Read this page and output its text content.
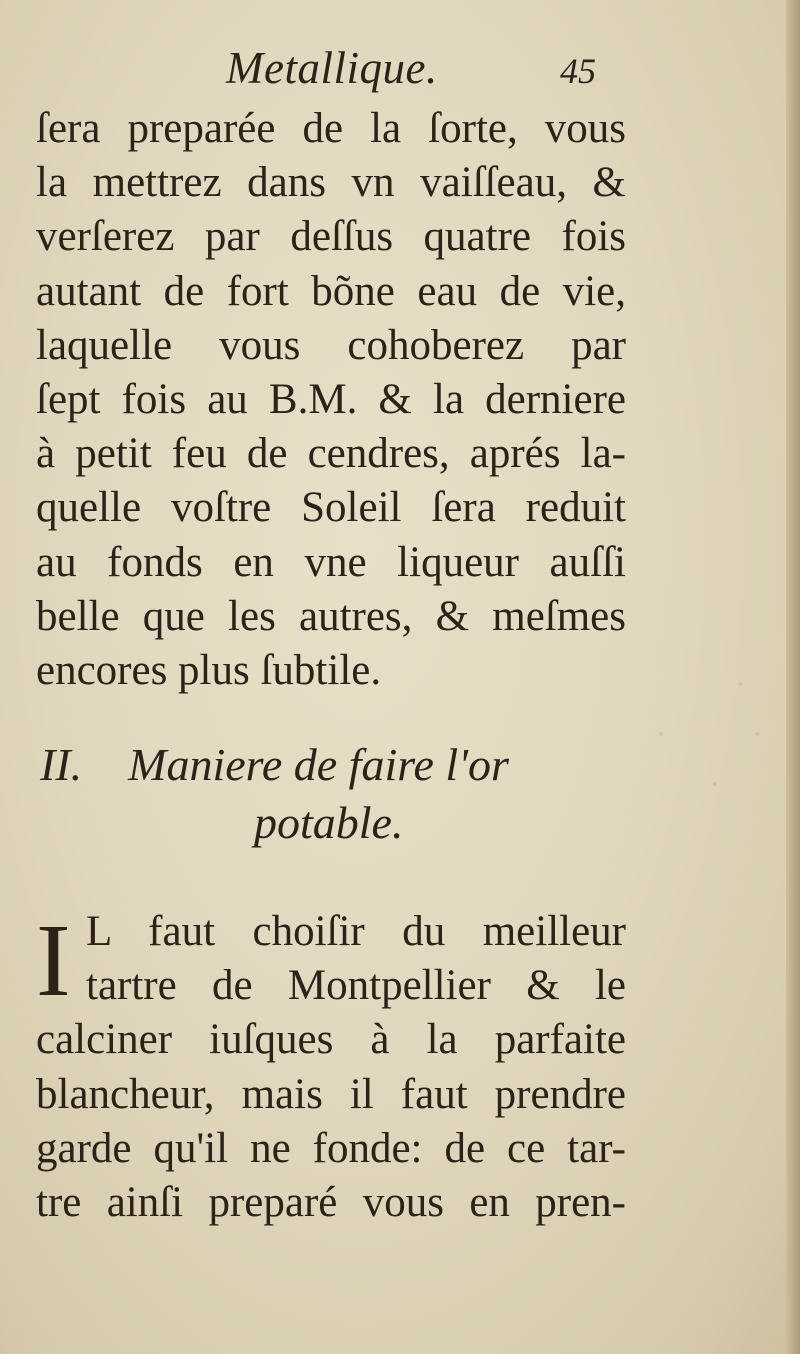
·
·          ·
·
Metallique.	45
ſera preparée de la ſorte, vous
la mettrez dans vn vaiſſeau, &
verſerez par deſſus quatre fois
autant de fort bõne eau de vie,
laquelle vous cohoberez par
ſept fois au B.M. & la derniere
à petit feu de cendres, aprés la-
quelle voſtre Soleil ſera reduit
au fonds en vne liqueur auſſi
belle que les autres, & meſmes
encores plus ſubtile.
II.   Maniere de faire l'or
potable.
I L faut choiſir du meilleur
tartre de Montpellier & le
calciner iuſques à la parfaite
blancheur, mais il faut prendre
garde qu'il ne fonde: de ce tar-
tre ainſi preparé vous en pren-
